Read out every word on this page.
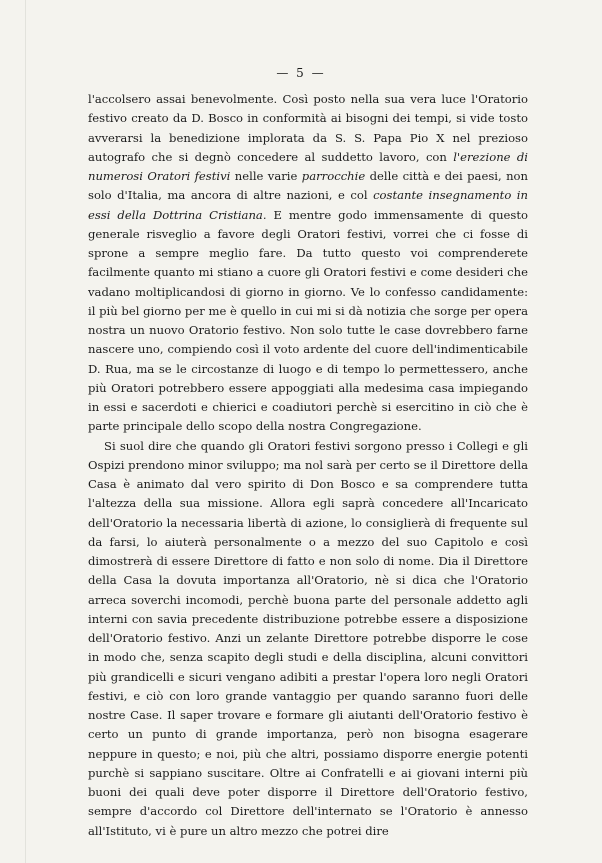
— 5 —

l'accolsero assai benevolmente. Così posto nella sua vera luce l'Oratorio festivo creato da D. Bosco in conformità ai bisogni dei tempi, si vide tosto avverarsi la benedizione implorata da S. S. Papa Pio X nel prezioso autografo che si degnò concedere al suddetto lavoro, con l'erezione di numerosi Oratori festivi nelle varie parrocchie delle città e dei paesi, non solo d'Italia, ma ancora di altre nazioni, e col costante insegnamento in essi della Dottrina Cristiana. E mentre godo immensamente di questo generale risveglio a favore degli Oratori festivi, vorrei che ci fosse di sprone a sempre meglio fare. Da tutto questo voi comprenderete facilmente quanto mi stiano a cuore gli Oratori festivi e come desideri che vadano moltiplicandosi di giorno in giorno. Ve lo confesso candidamente: il più bel giorno per me è quello in cui mi si dà notizia che sorge per opera nostra un nuovo Oratorio festivo. Non solo tutte le case dovrebbero farne nascere uno, compiendo così il voto ardente del cuore dell'indimenticabile D. Rua, ma se le circostanze di luogo e di tempo lo permettessero, anche più Oratori potrebbero essere appoggiati alla medesima casa impiegando in essi e sacerdoti e chierici e coadiutori perchè si esercitino in ciò che è parte principale dello scopo della nostra Congregazione.

Si suol dire che quando gli Oratori festivi sorgono presso i Collegi e gli Ospizi prendono minor sviluppo; ma nol sarà per certo se il Direttore della Casa è animato dal vero spirito di Don Bosco e sa comprendere tutta l'altezza della sua missione. Allora egli saprà concedere all'Incaricato dell'Oratorio la necessaria libertà di azione, lo consiglierà di frequente sul da farsi, lo aiuterà personalmente o a mezzo del suo Capitolo e così dimostrerà di essere Direttore di fatto e non solo di nome. Dia il Direttore della Casa la dovuta importanza all'Oratorio, nè si dica che l'Oratorio arreca soverchi incomodi, perchè buona parte del personale addetto agli interni con savia precedente distribuzione potrebbe essere a disposizione dell'Oratorio festivo. Anzi un zelante Direttore potrebbe disporre le cose in modo che, senza scapito degli studi e della disciplina, alcuni convittori più grandicelli e sicuri vengano adibiti a prestar l'opera loro negli Oratori festivi, e ciò con loro grande vantaggio per quando saranno fuori delle nostre Case. Il saper trovare e formare gli aiutanti dell'Oratorio festivo è certo un punto di grande importanza, però non bisogna esagerare neppure in questo; e noi, più che altri, possiamo disporre energie potenti purchè si sappiano suscitare. Oltre ai Confratelli e ai giovani interni più buoni dei quali deve poter disporre il Direttore dell'Oratorio festivo, sempre d'accordo col Direttore dell'internato se l'Oratorio è annesso all'Istituto, vi è pure un altro mezzo che potrei dire
